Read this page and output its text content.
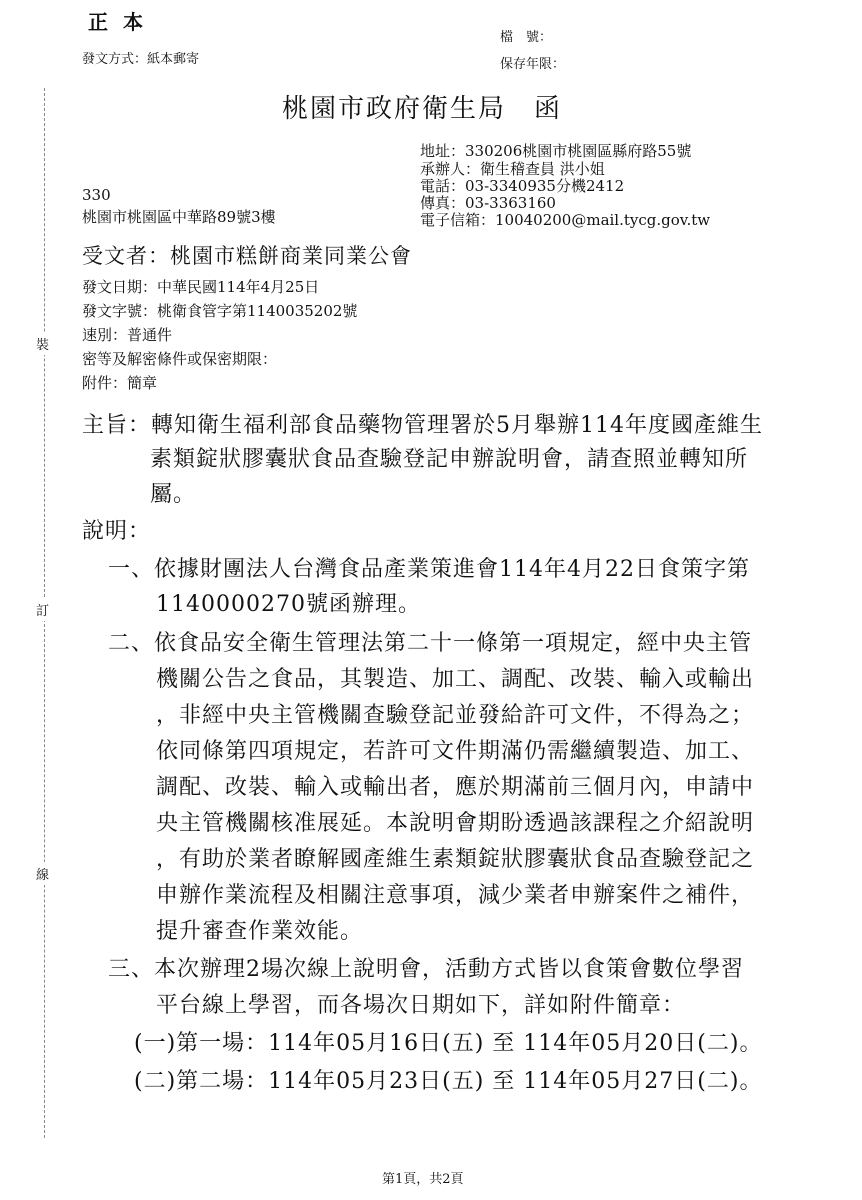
裝
訂
線
正 本
發文方式：紙本郵寄
檔　號：
保存年限：
桃園市政府衛生局　函
地址：330206桃園市桃園區縣府路55號
承辦人：衛生稽查員 洪小姐
電話：03-3340935分機2412
傳真：03-3363160
電子信箱：10040200@mail.tycg.gov.tw
330
桃園市桃園區中華路89號3樓
受文者：桃園市糕餅商業同業公會
發文日期：中華民國114年4月25日
發文字號：桃衛食管字第1140035202號
速別：普通件
密等及解密條件或保密期限：
附件：簡章
主旨：轉知衛生福利部食品藥物管理署於5月舉辦114年度國產維生
素類錠狀膠囊狀食品查驗登記申辦說明會，請查照並轉知所
屬。
說明：
一、依據財團法人台灣食品產業策進會114年4月22日食策字第
1140000270號函辦理。
二、依食品安全衛生管理法第二十一條第一項規定，經中央主管
機關公告之食品，其製造、加工、調配、改裝、輸入或輸出
，非經中央主管機關查驗登記並發給許可文件，不得為之；
依同條第四項規定，若許可文件期滿仍需繼續製造、加工、
調配、改裝、輸入或輸出者，應於期滿前三個月內，申請中
央主管機關核准展延。本說明會期盼透過該課程之介紹說明
，有助於業者瞭解國產維生素類錠狀膠囊狀食品查驗登記之
申辦作業流程及相關注意事項，減少業者申辦案件之補件，
提升審查作業效能。
三、本次辦理2場次線上說明會，活動方式皆以食策會數位學習
平台線上學習，而各場次日期如下，詳如附件簡章：
(一)第一場：114年05月16日(五) 至 114年05月20日(二)。
(二)第二場：114年05月23日(五) 至 114年05月27日(二)。
第1頁，共2頁
